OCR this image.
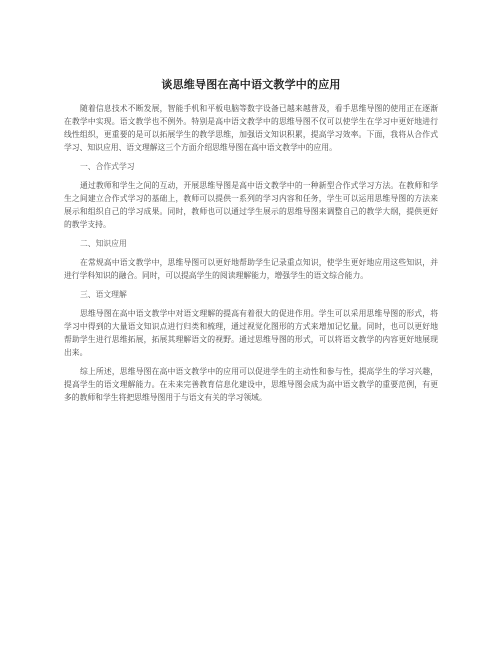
谈思维导图在高中语文教学中的应用

随着信息技术不断发展，智能手机和平板电脑等数字设备已越来越普及，看手思维导图的使用正在逐渐在教学中实现。语文教学也不例外。特别是高中语文教学中的思维导图不仅可以使学生在学习中更好地进行线性组织，更重要的是可以拓展学生的教学思维，加强语文知识积累，提高学习效率。下面，我将从合作式学习、知识应用、语文理解这三个方面介绍思维导图在高中语文教学中的应用。

一、合作式学习

通过教师和学生之间的互动，开展思维导图是高中语文教学中的一种新型合作式学习方法。在教师和学生之间建立合作式学习的基础上，教师可以提供一系列的学习内容和任务，学生可以运用思维导图的方法来展示和组织自己的学习成果。同时，教师也可以通过学生展示的思维导图来调整自己的教学大纲，提供更好的教学支持。

二、知识应用

在常规高中语文教学中，思维导图可以更好地帮助学生记录重点知识，使学生更好地应用这些知识，并进行学科知识的融合。同时，可以提高学生的阅读理解能力，增强学生的语文综合能力。

三、语文理解

思维导图在高中语文教学中对语文理解的提高有着很大的促进作用。学生可以采用思维导图的形式，将学习中得到的大量语文知识点进行归类和梳理，通过视觉化图形的方式来增加记忆量。同时，也可以更好地帮助学生进行思维拓展，拓展其理解语文的视野。通过思维导图的形式，可以将语文教学的内容更好地展现出来。

综上所述，思维导图在高中语文教学中的应用可以促进学生的主动性和参与性，提高学生的学习兴趣，提高学生的语文理解能力。在未来完善教育信息化建设中，思维导图会成为高中语文教学的重要范例，有更多的教师和学生将把思维导图用于与语文有关的学习领域。
